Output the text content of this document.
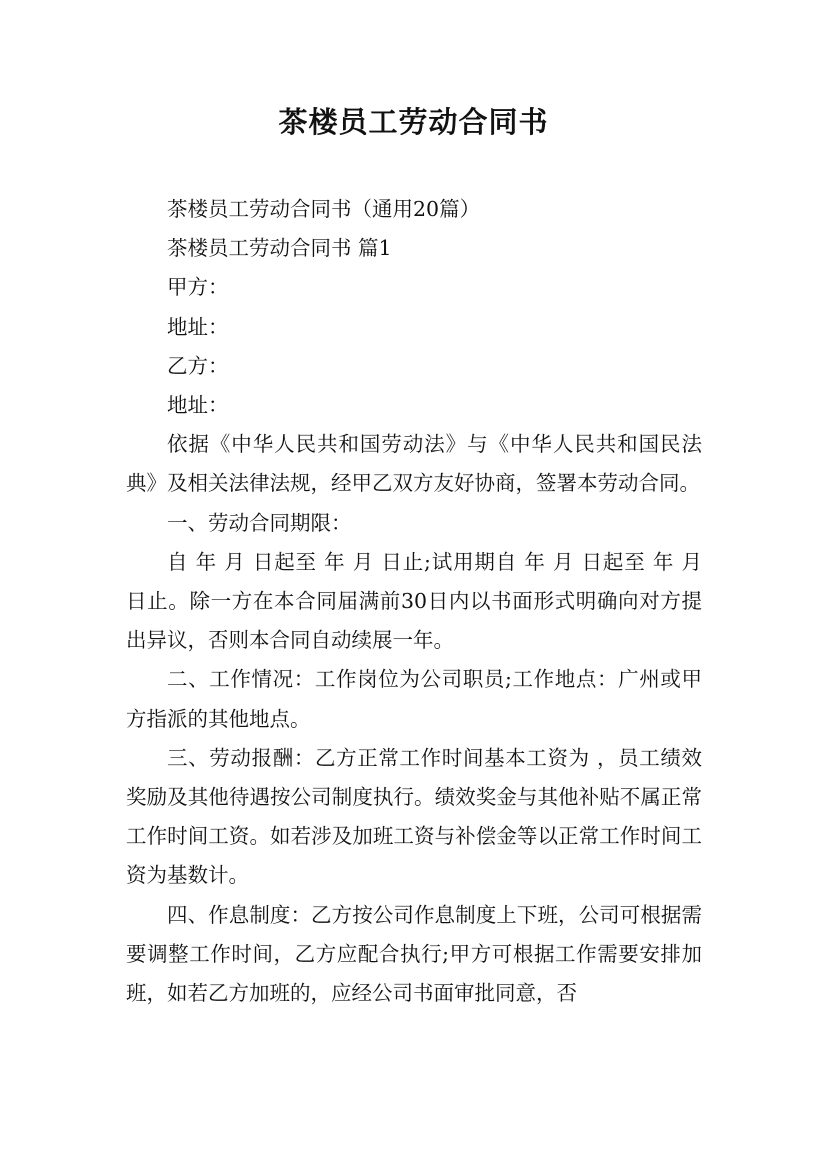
茶楼员工劳动合同书

茶楼员工劳动合同书（通用20篇）

茶楼员工劳动合同书 篇1

甲方：

地址：

乙方：

地址：

依据《中华人民共和国劳动法》与《中华人民共和国民法典》及相关法律法规，经甲乙双方友好协商，签署本劳动合同。

一、劳动合同期限：

自 年 月 日起至 年 月 日止;试用期自 年 月 日起至 年 月 日止。除一方在本合同届满前30日内以书面形式明确向对方提出异议，否则本合同自动续展一年。

二、工作情况：工作岗位为公司职员;工作地点：广州或甲方指派的其他地点。

三、劳动报酬：乙方正常工作时间基本工资为 ，员工绩效奖励及其他待遇按公司制度执行。绩效奖金与其他补贴不属正常工作时间工资。如若涉及加班工资与补偿金等以正常工作时间工资为基数计。

四、作息制度：乙方按公司作息制度上下班，公司可根据需要调整工作时间，乙方应配合执行;甲方可根据工作需要安排加班，如若乙方加班的，应经公司书面审批同意，否
